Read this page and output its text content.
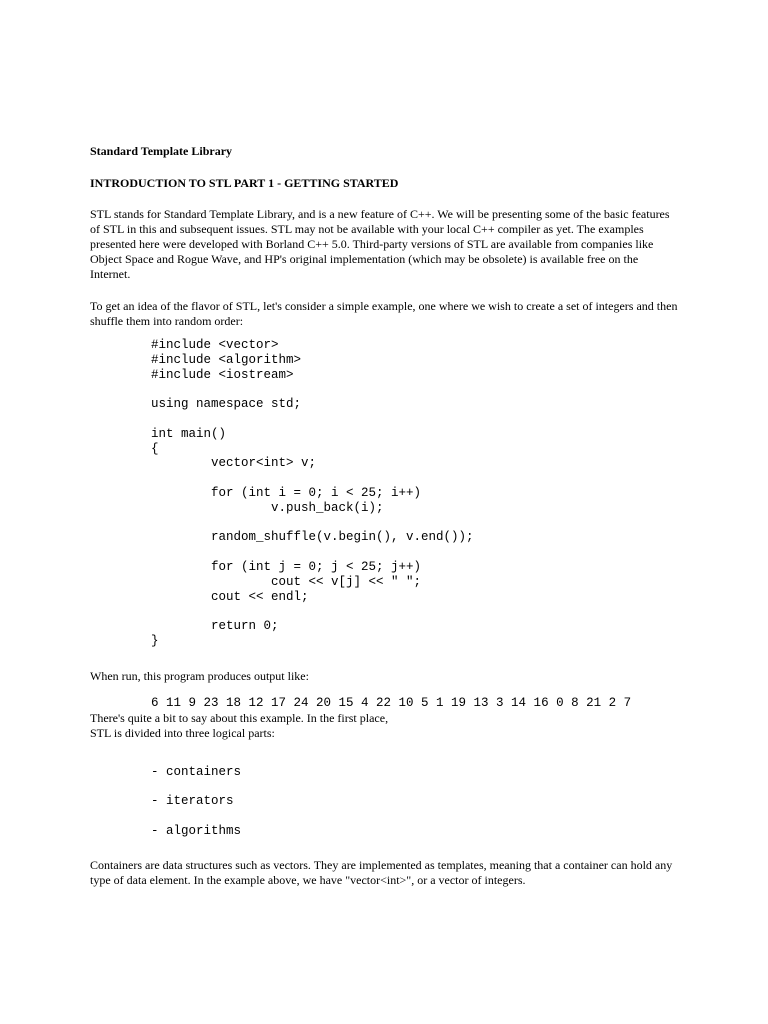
Standard Template Library

INTRODUCTION TO STL PART 1 - GETTING STARTED

STL stands for Standard Template Library, and is a new feature of C++. We will be presenting some of the basic features of STL in this and subsequent issues. STL may not be available with your local C++ compiler as yet. The examples presented here were developed with Borland C++ 5.0. Third-party versions of STL are available from companies like Object Space and Rogue Wave, and HP's original implementation (which may be obsolete) is available free on the Internet.

To get an idea of the flavor of STL, let's consider a simple example, one where we wish to create a set of integers and then shuffle them into random order:

#include <vector>
#include <algorithm>
#include <iostream>
using namespace std;
int main()
{
vector<int> v;
for (int i = 0; i < 25; i++)
v.push_back(i);
random_shuffle(v.begin(), v.end());
for (int j = 0; j < 25; j++)
cout << v[j] << " ";
cout << endl;
return 0;
}

When run, this program produces output like:

6 11 9 23 18 12 17 24 20 15 4 22 10 5 1 19 13 3 14 16 0 8 21 2 7

There's quite a bit to say about this example. In the first place,

STL is divided into three logical parts:

- containers
- iterators
- algorithms

Containers are data structures such as vectors. They are implemented as templates, meaning that a container can hold any type of data element. In the example above, we have "vector<int>", or a vector of integers.
